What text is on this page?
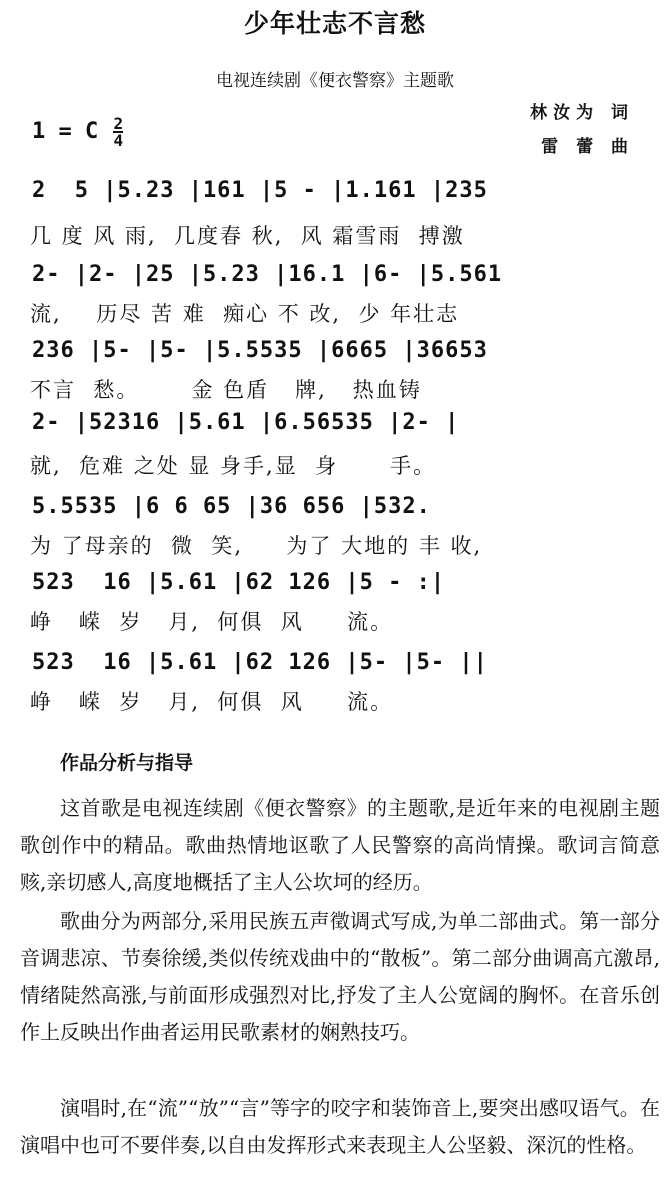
少年壮志不言愁
电视连续剧《便衣警察》主题歌
林汝为 词
雷 蕾 曲
1 = C $\frac{2}{4}$
2  5 |5.23 |161 |5 - |1.161 |235
几 度 风 雨,  几度春 秋,  风 霜雪雨  搏激
2- |2- |25 |5.23 |16.1 |6- |5.561
流,    历尽 苦 难  痴心 不 改,  少 年壮志
236 |5- |5- |5.5535 |6665 |36653
不言  愁。      金 色盾   牌,   热血铸
2- |52316 |5.61 |6.56535 |2- |
就,  危难 之处 显 身手,显  身      手。
5.5535 |6 6 65 |36 656 |532.
为 了母亲的  微  笑,     为了 大地的 丰 收,
523  16 |5.61 |62 126 |5 - :|
峥   嵘  岁   月,  何俱  风     流。
523  16 |5.61 |62 126 |5- |5- ||
峥   嵘  岁   月,  何俱  风     流。
作品分析与指导
这首歌是电视连续剧《便衣警察》的主题歌,是近年来的电视剧主题歌创作中的精品。歌曲热情地讴歌了人民警察的高尚情操。歌词言简意赅,亲切感人,高度地概括了主人公坎坷的经历。
歌曲分为两部分,采用民族五声徵调式写成,为单二部曲式。第一部分音调悲凉、节奏徐缓,类似传统戏曲中的“散板”。第二部分曲调高亢激昂,情绪陡然高涨,与前面形成强烈对比,抒发了主人公宽阔的胸怀。在音乐创作上反映出作曲者运用民歌素材的娴熟技巧。
演唱时,在“流”“放”“言”等字的咬字和装饰音上,要突出感叹语气。在演唱中也可不要伴奏,以自由发挥形式来表现主人公坚毅、深沉的性格。
